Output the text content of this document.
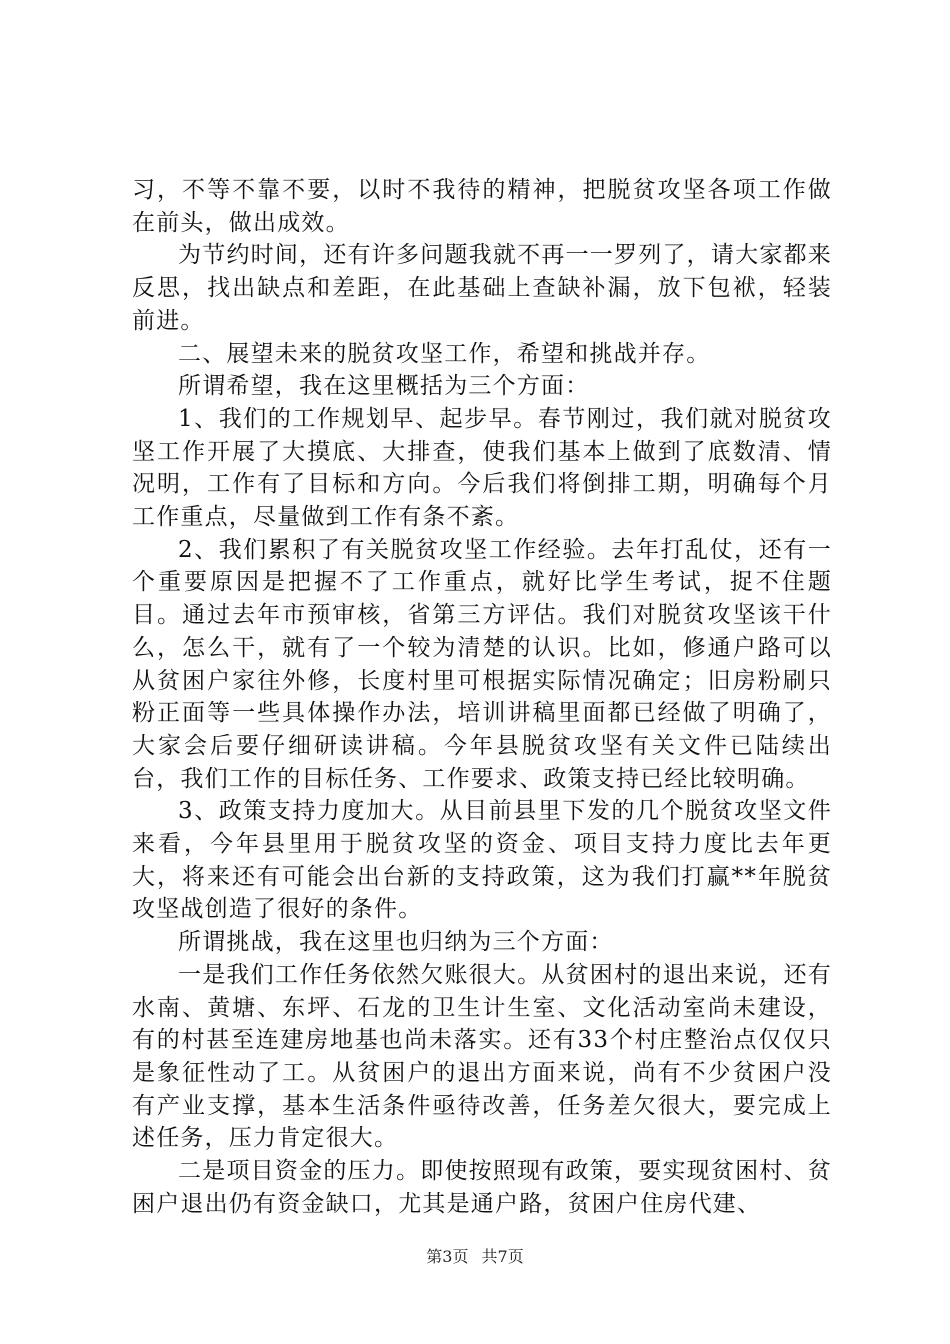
习，不等不靠不要，以时不我待的精神，把脱贫攻坚各项工作做在前头，做出成效。

为节约时间，还有许多问题我就不再一一罗列了，请大家都来反思，找出缺点和差距，在此基础上查缺补漏，放下包袱，轻装前进。

二、展望未来的脱贫攻坚工作，希望和挑战并存。

所谓希望，我在这里概括为三个方面：

1、我们的工作规划早、起步早。春节刚过，我们就对脱贫攻坚工作开展了大摸底、大排查，使我们基本上做到了底数清、情况明，工作有了目标和方向。今后我们将倒排工期，明确每个月工作重点，尽量做到工作有条不紊。

2、我们累积了有关脱贫攻坚工作经验。去年打乱仗，还有一个重要原因是把握不了工作重点，就好比学生考试，捉不住题目。通过去年市预审核，省第三方评估。我们对脱贫攻坚该干什么，怎么干，就有了一个较为清楚的认识。比如，修通户路可以从贫困户家往外修，长度村里可根据实际情况确定；旧房粉刷只粉正面等一些具体操作办法，培训讲稿里面都已经做了明确了，大家会后要仔细研读讲稿。今年县脱贫攻坚有关文件已陆续出台，我们工作的目标任务、工作要求、政策支持已经比较明确。

3、政策支持力度加大。从目前县里下发的几个脱贫攻坚文件来看，今年县里用于脱贫攻坚的资金、项目支持力度比去年更大，将来还有可能会出台新的支持政策，这为我们打赢**年脱贫攻坚战创造了很好的条件。

所谓挑战，我在这里也归纳为三个方面：

一是我们工作任务依然欠账很大。从贫困村的退出来说，还有水南、黄塘、东坪、石龙的卫生计生室、文化活动室尚未建设，有的村甚至连建房地基也尚未落实。还有33个村庄整治点仅仅只是象征性动了工。从贫困户的退出方面来说，尚有不少贫困户没有产业支撑，基本生活条件亟待改善，任务差欠很大，要完成上述任务，压力肯定很大。

二是项目资金的压力。即使按照现有政策，要实现贫困村、贫困户退出仍有资金缺口，尤其是通户路，贫困户住房代建、

第3页 共7页
